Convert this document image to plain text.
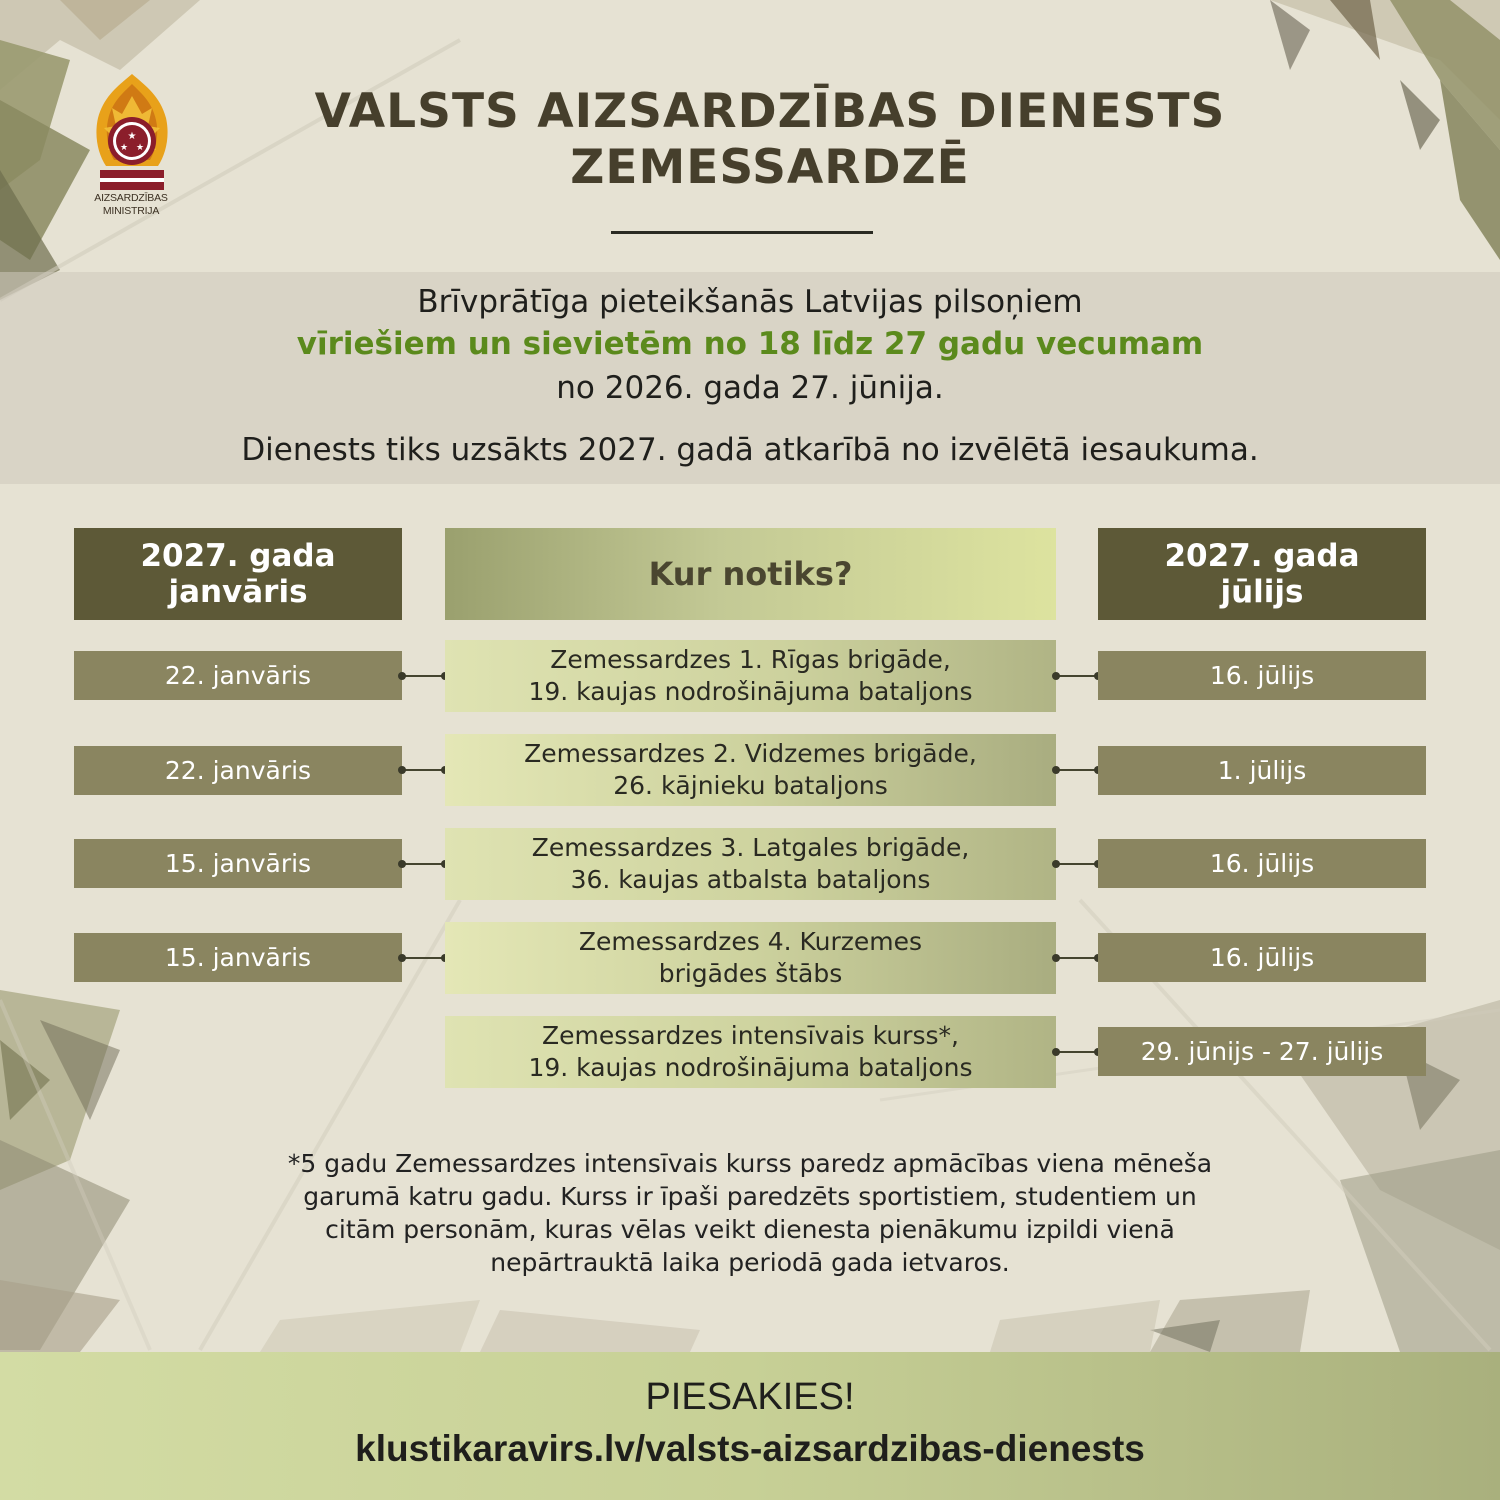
★
★ ★
AIZSARDZĪBAS
MINISTRIJA
VALSTS AIZSARDZĪBAS DIENESTS
ZEMESSARDZĒ
Brīvprātīga pieteikšanās Latvijas pilsoņiem
vīriešiem un sievietēm no 18 līdz 27 gadu vecumam
no 2026. gada 27. jūnija.
Dienests tiks uzsākts 2027. gadā atkarībā no izvēlētā iesaukuma.
2027. gada
janvāris	Kur notiks?	2027. gada
jūlijs
22. janvāris
Zemessardzes 1. Rīgas brigāde,
19. kaujas nodrošinājuma bataljons
16. jūlijs
22. janvāris
Zemessardzes 2. Vidzemes brigāde,
26. kājnieku bataljons
1. jūlijs
15. janvāris
Zemessardzes 3. Latgales brigāde,
36. kaujas atbalsta bataljons
16. jūlijs
15. janvāris
Zemessardzes 4. Kurzemes
brigādes štābs
16. jūlijs
Zemessardzes intensīvais kurss*,
19. kaujas nodrošinājuma bataljons
29. jūnijs - 27. jūlijs
*5 gadu Zemessardzes intensīvais kurss paredz apmācības viena mēneša
garumā katru gadu. Kurss ir īpaši paredzēts sportistiem, studentiem un
citām personām, kuras vēlas veikt dienesta pienākumu izpildi vienā
nepārtrauktā laika periodā gada ietvaros.
PIESAKIES!
klustikaravirs.lv/valsts-aizsardzibas-dienests
